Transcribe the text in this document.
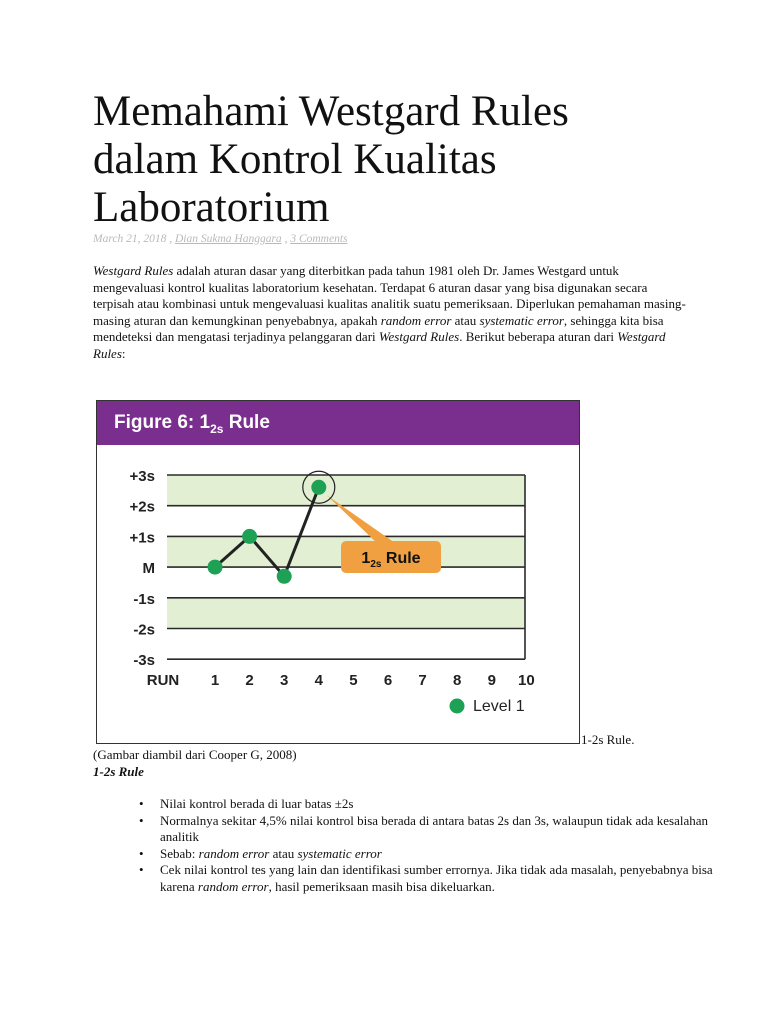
Memahami Westgard Rules dalam Kontrol Kualitas Laboratorium
March 21, 2018 , Dian Sukma Hanggara , 3 Comments

Westgard Rules adalah aturan dasar yang diterbitkan pada tahun 1981 oleh Dr. James Westgard untuk mengevaluasi kontrol kualitas laboratorium kesehatan. Terdapat 6 aturan dasar yang bisa digunakan secara terpisah atau kombinasi untuk mengevaluasi kualitas analitik suatu pemeriksaan. Diperlukan pemahaman masing-masing aturan dan kemungkinan penyebabnya, apakah random error atau systematic error, sehingga kita bisa mendeteksi dan mengatasi terjadinya pelanggaran dari Westgard Rules. Berikut beberapa aturan dari Westgard Rules:

Figure 6: $1_{2s}$ Rule
+3s
+2s
+1s
M
-1s
-2s
-3s
RUN 1 2 3 4 5 6 7 8 9 10
$1_{2s}$ Rule
Level 1
1-2s Rule.
(Gambar diambil dari Cooper G, 2008)
1-2s Rule
• Nilai kontrol berada di luar batas ±2s
• Normalnya sekitar 4,5% nilai kontrol bisa berada di antara batas 2s dan 3s, walaupun tidak ada kesalahan analitik
• Sebab: random error atau systematic error
• Cek nilai kontrol tes yang lain dan identifikasi sumber errornya. Jika tidak ada masalah, penyebabnya bisa karena random error, hasil pemeriksaan masih bisa dikeluarkan.
